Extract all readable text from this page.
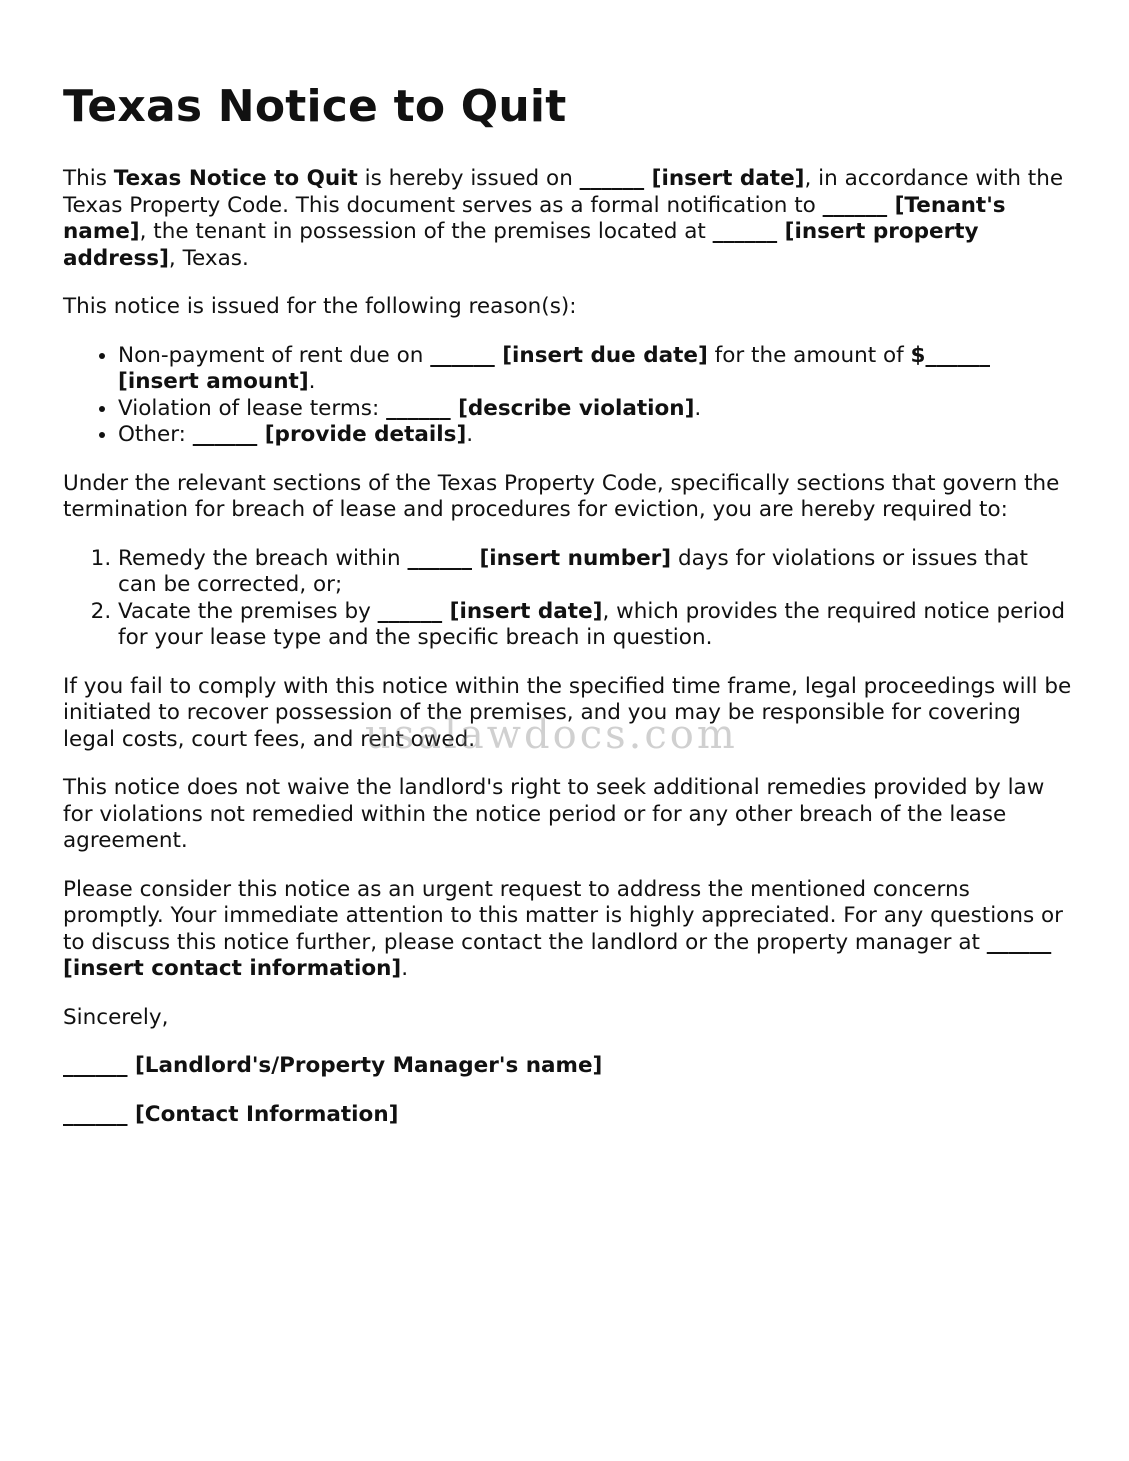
Texas Notice to Quit

This Texas Notice to Quit is hereby issued on ______ [insert date], in accordance with the Texas Property Code. This document serves as a formal notification to ______ [Tenant's name], the tenant in possession of the premises located at ______ [insert property address], Texas.

This notice is issued for the following reason(s):

• Non-payment of rent due on ______ [insert due date] for the amount of $______ [insert amount].
• Violation of lease terms: ______ [describe violation].
• Other: ______ [provide details].

Under the relevant sections of the Texas Property Code, specifically sections that govern the termination for breach of lease and procedures for eviction, you are hereby required to:

1. Remedy the breach within ______ [insert number] days for violations or issues that can be corrected, or;
2. Vacate the premises by ______ [insert date], which provides the required notice period for your lease type and the specific breach in question.

If you fail to comply with this notice within the specified time frame, legal proceedings will be initiated to recover possession of the premises, and you may be responsible for covering legal costs, court fees, and rent owed.

This notice does not waive the landlord's right to seek additional remedies provided by law for violations not remedied within the notice period or for any other breach of the lease agreement.

Please consider this notice as an urgent request to address the mentioned concerns promptly. Your immediate attention to this matter is highly appreciated. For any questions or to discuss this notice further, please contact the landlord or the property manager at ______ [insert contact information].

Sincerely,

______ [Landlord's/Property Manager's name]

______ [Contact Information]

usalawdocs.com
